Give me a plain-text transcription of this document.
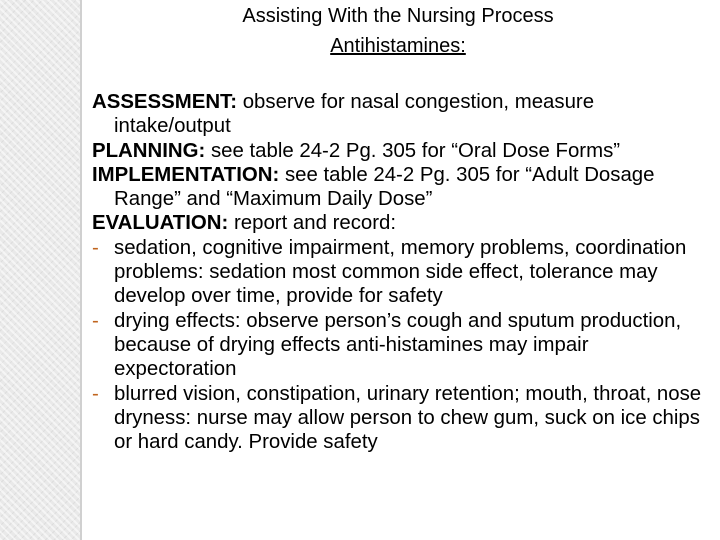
Assisting With the Nursing Process
Antihistamines:

ASSESSMENT: observe for nasal congestion, measure intake/output

PLANNING: see table 24-2 Pg. 305 for “Oral Dose Forms”

IMPLEMENTATION: see table 24-2 Pg. 305 for “Adult Dosage Range” and “Maximum Daily Dose”

EVALUATION: report and record:

- sedation, cognitive impairment, memory problems, coordination problems: sedation most common side effect, tolerance may develop over time, provide for safety
- drying effects: observe person’s cough and sputum production, because of drying effects anti-histamines may impair expectoration
- blurred vision, constipation, urinary retention; mouth, throat, nose dryness: nurse may allow person to chew gum, suck on ice chips or hard candy. Provide safety
